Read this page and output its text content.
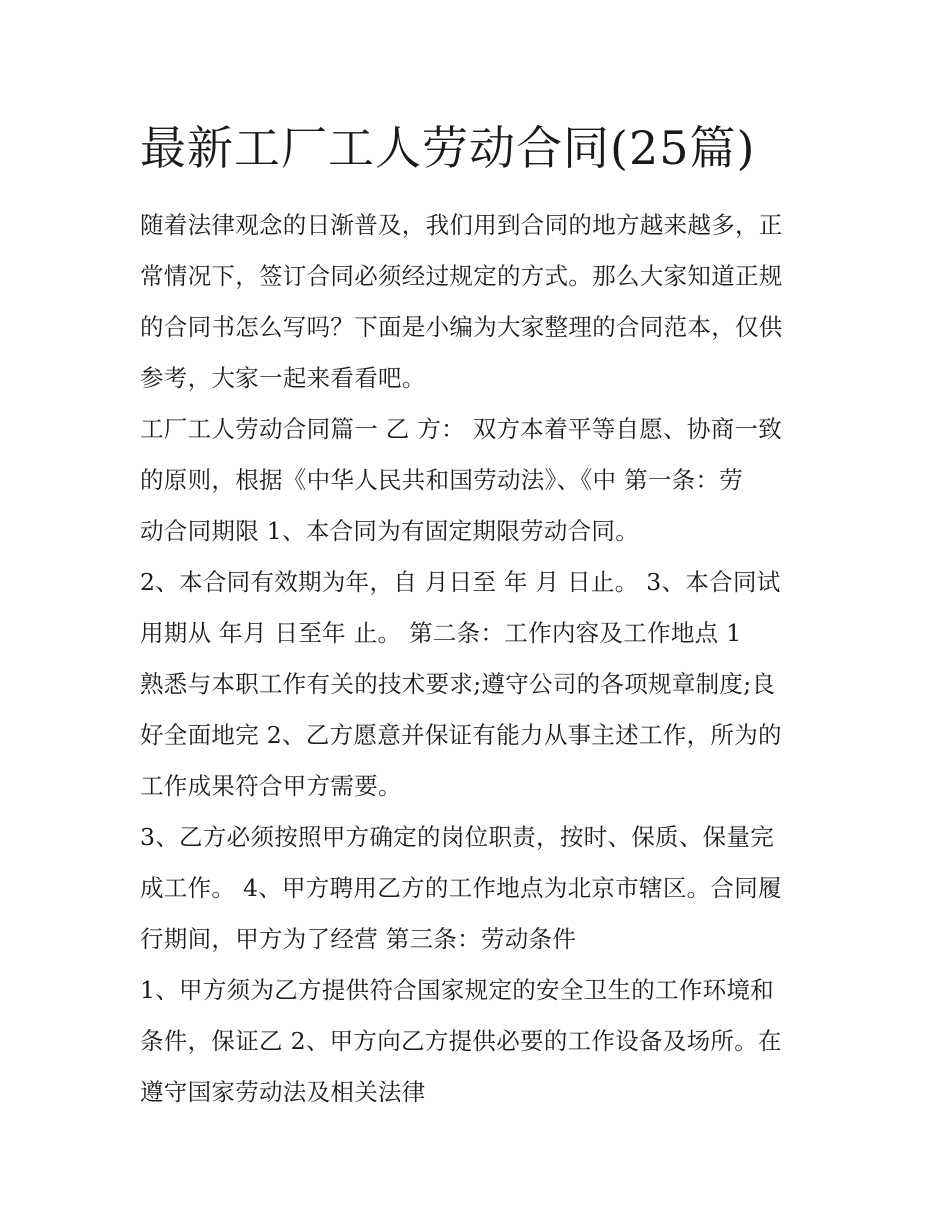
最新工厂工人劳动合同(25篇)

随着法律观念的日渐普及，我们用到合同的地方越来越多，正
常情况下，签订合同必须经过规定的方式。那么大家知道正规
的合同书怎么写吗？下面是小编为大家整理的合同范本，仅供
参考，大家一起来看看吧。

工厂工人劳动合同篇一 乙 方： 双方本着平等自愿、协商一致
的原则，根据《中华人民共和国劳动法》、《中 第一条：劳
动合同期限 1、本合同为有固定期限劳动合同。

2、本合同有效期为年，自 月日至 年 月 日止。 3、本合同试
用期从 年月 日至年 止。 第二条：工作内容及工作地点 1
熟悉与本职工作有关的技术要求;遵守公司的各项规章制度;良
好全面地完 2、乙方愿意并保证有能力从事主述工作，所为的
工作成果符合甲方需要。

3、乙方必须按照甲方确定的岗位职责，按时、保质、保量完
成工作。 4、甲方聘用乙方的工作地点为北京市辖区。合同履
行期间，甲方为了经营 第三条：劳动条件

1、甲方须为乙方提供符合国家规定的安全卫生的工作环境和
条件，保证乙 2、甲方向乙方提供必要的工作设备及场所。在
遵守国家劳动法及相关法律
